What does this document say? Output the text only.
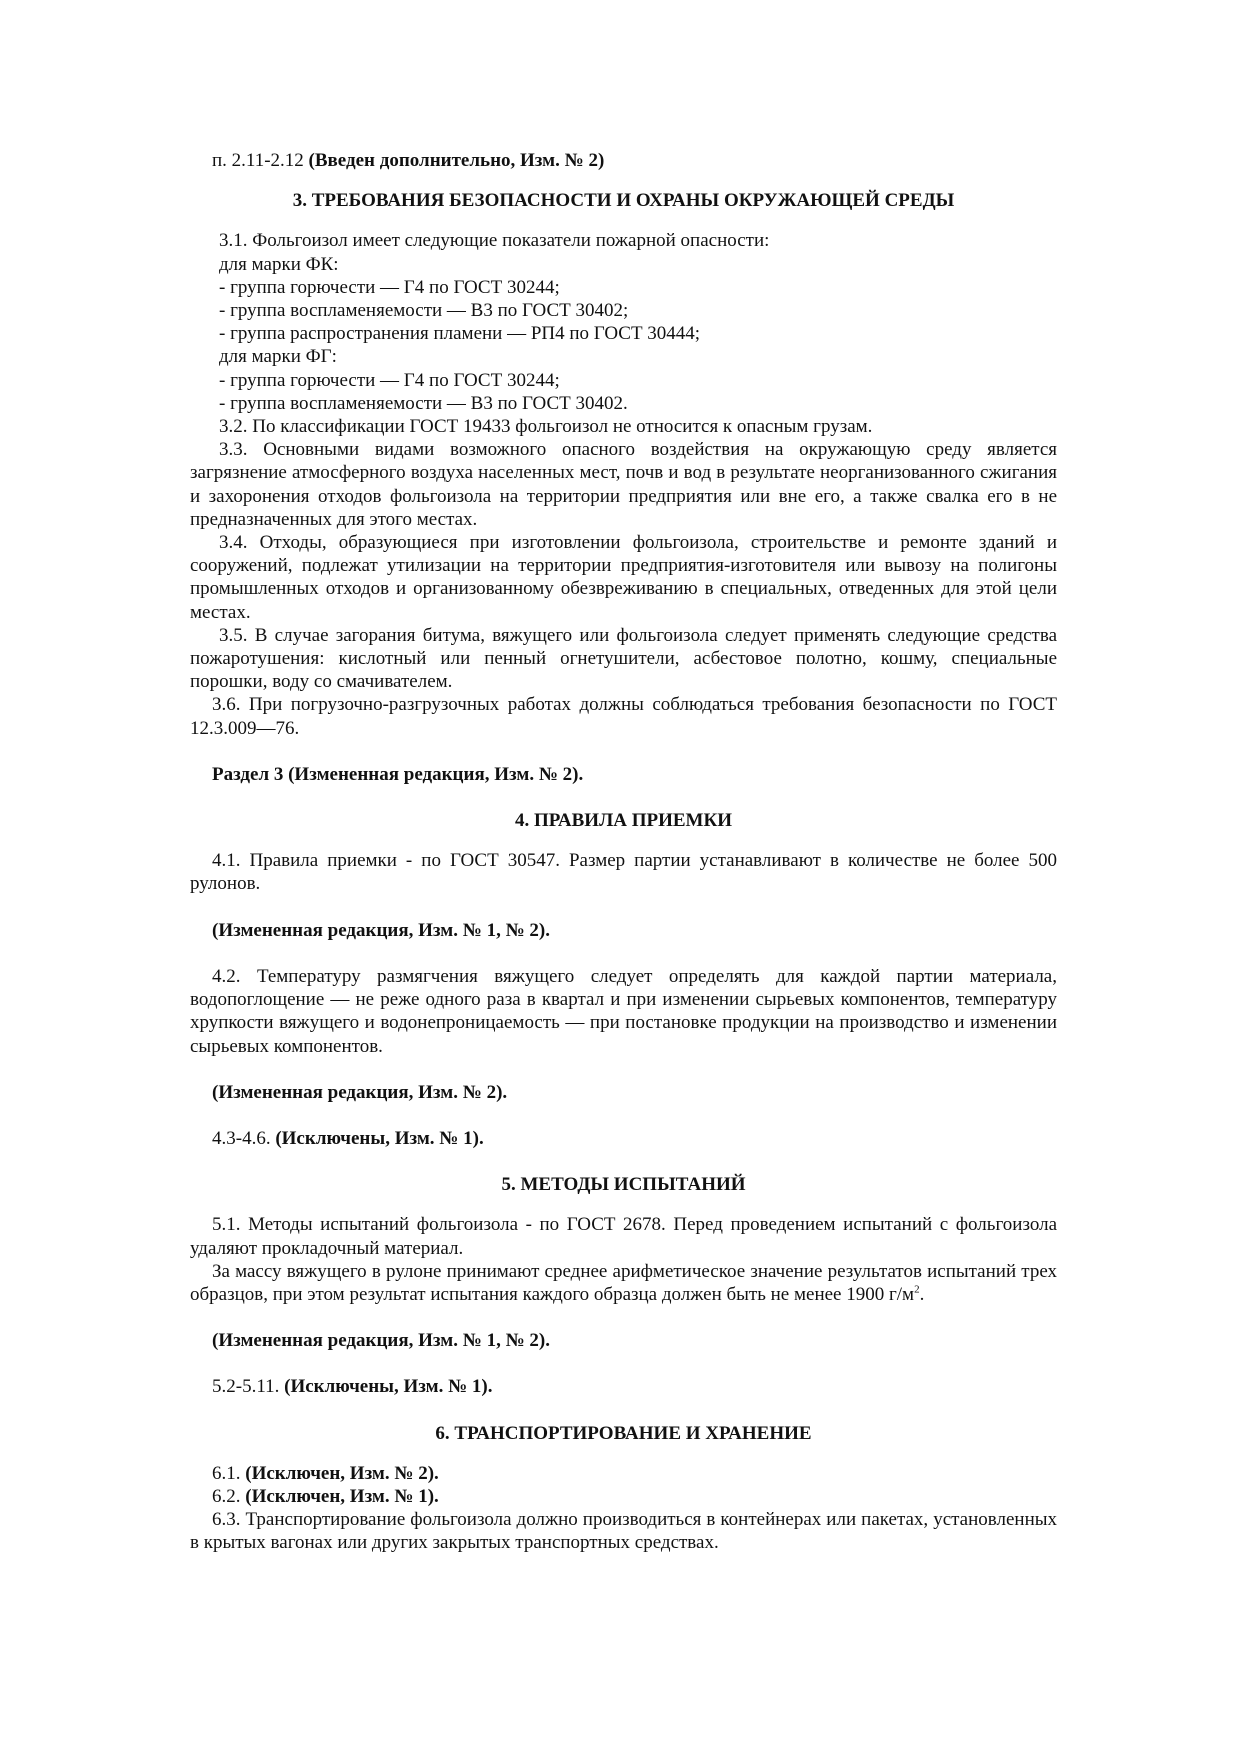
п. 2.11-2.12 (Введен дополнительно, Изм. № 2)

3. ТРЕБОВАНИЯ БЕЗОПАСНОСТИ И ОХРАНЫ ОКРУЖАЮЩЕЙ СРЕДЫ

3.1. Фольгоизол имеет следующие показатели пожарной опасности:

для марки ФК:

- группа горючести — Г4 по ГОСТ 30244;

- группа воспламеняемости — В3 по ГОСТ 30402;

- группа распространения пламени — РП4 по ГОСТ 30444;

для марки ФГ:

- группа горючести — Г4 по ГОСТ 30244;

- группа воспламеняемости — В3 по ГОСТ 30402.

3.2. По классификации ГОСТ 19433 фольгоизол не относится к опасным грузам.

3.3. Основными видами возможного опасного воздействия на окружающую среду является загрязнение атмосферного воздуха населенных мест, почв и вод в результате неорганизованного сжигания и захоронения отходов фольгоизола на территории предприятия или вне его, а также свалка его в не предназначенных для этого местах.

3.4. Отходы, образующиеся при изготовлении фольгоизола, строительстве и ремонте зданий и сооружений, подлежат утилизации на территории предприятия-изготовителя или вывозу на полигоны промышленных отходов и организованному обезвреживанию в специальных, отведенных для этой цели местах.

3.5. В случае загорания битума, вяжущего или фольгоизола следует применять следующие средства пожаротушения: кислотный или пенный огнетушители, асбестовое полотно, кошму, специальные порошки, воду со смачивателем.

3.6. При погрузочно-разгрузочных работах должны соблюдаться требования безопасности по ГОСТ 12.3.009—76.

Раздел 3 (Измененная редакция, Изм. № 2).

4. ПРАВИЛА ПРИЕМКИ

4.1. Правила приемки - по ГОСТ 30547. Размер партии устанавливают в количестве не более 500 рулонов.

(Измененная редакция, Изм. № 1, № 2).

4.2. Температуру размягчения вяжущего следует определять для каждой партии материала, водопоглощение — не реже одного раза в квартал и при изменении сырьевых компонентов, температуру хрупкости вяжущего и водонепроницаемость — при постановке продукции на производство и изменении сырьевых компонентов.

(Измененная редакция, Изм. № 2).

4.3-4.6. (Исключены, Изм. № 1).

5. МЕТОДЫ ИСПЫТАНИЙ

5.1. Методы испытаний фольгоизола - по ГОСТ 2678. Перед проведением испытаний с фольгоизола удаляют прокладочный материал.

За массу вяжущего в рулоне принимают среднее арифметическое значение результатов испытаний трех образцов, при этом результат испытания каждого образца должен быть не менее 1900 $г/м^2$.

(Измененная редакция, Изм. № 1, № 2).

5.2-5.11. (Исключены, Изм. № 1).

6. ТРАНСПОРТИРОВАНИЕ И ХРАНЕНИЕ

6.1. (Исключен, Изм. № 2).

6.2. (Исключен, Изм. № 1).

6.3. Транспортирование фольгоизола должно производиться в контейнерах или пакетах, установленных в крытых вагонах или других закрытых транспортных средствах.
